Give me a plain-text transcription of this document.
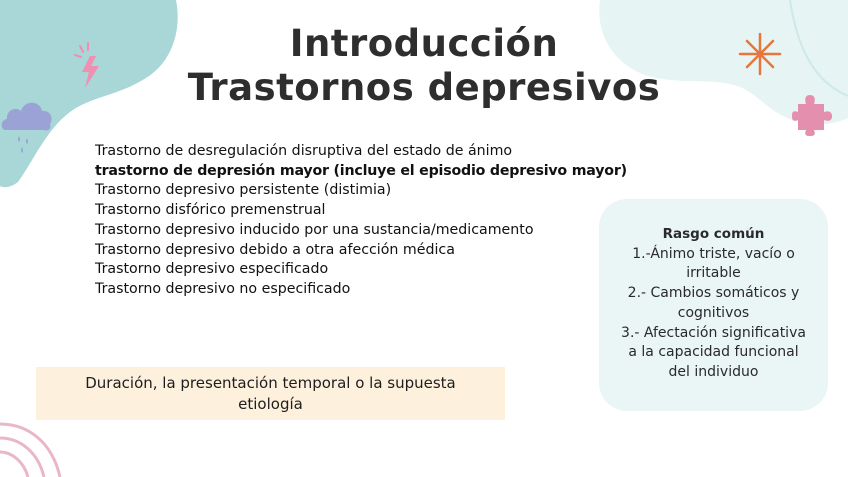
Introducción
Trastornos depresivos
Trastorno de desregulación disruptiva del estado de ánimo
trastorno de depresión mayor (incluye el episodio depresivo mayor)
Trastorno depresivo persistente (distimia)
Trastorno disfórico premenstrual
Trastorno depresivo inducido por una sustancia/medicamento
Trastorno depresivo debido a otra afección médica
Trastorno depresivo especificado
Trastorno depresivo no especificado
Duración, la presentación temporal o la supuesta etiología
Rasgo común
1.-Ánimo triste, vacío o
irritable
2.- Cambios somáticos y
cognitivos
3.- Afectación significativa
a la capacidad funcional
del individuo
